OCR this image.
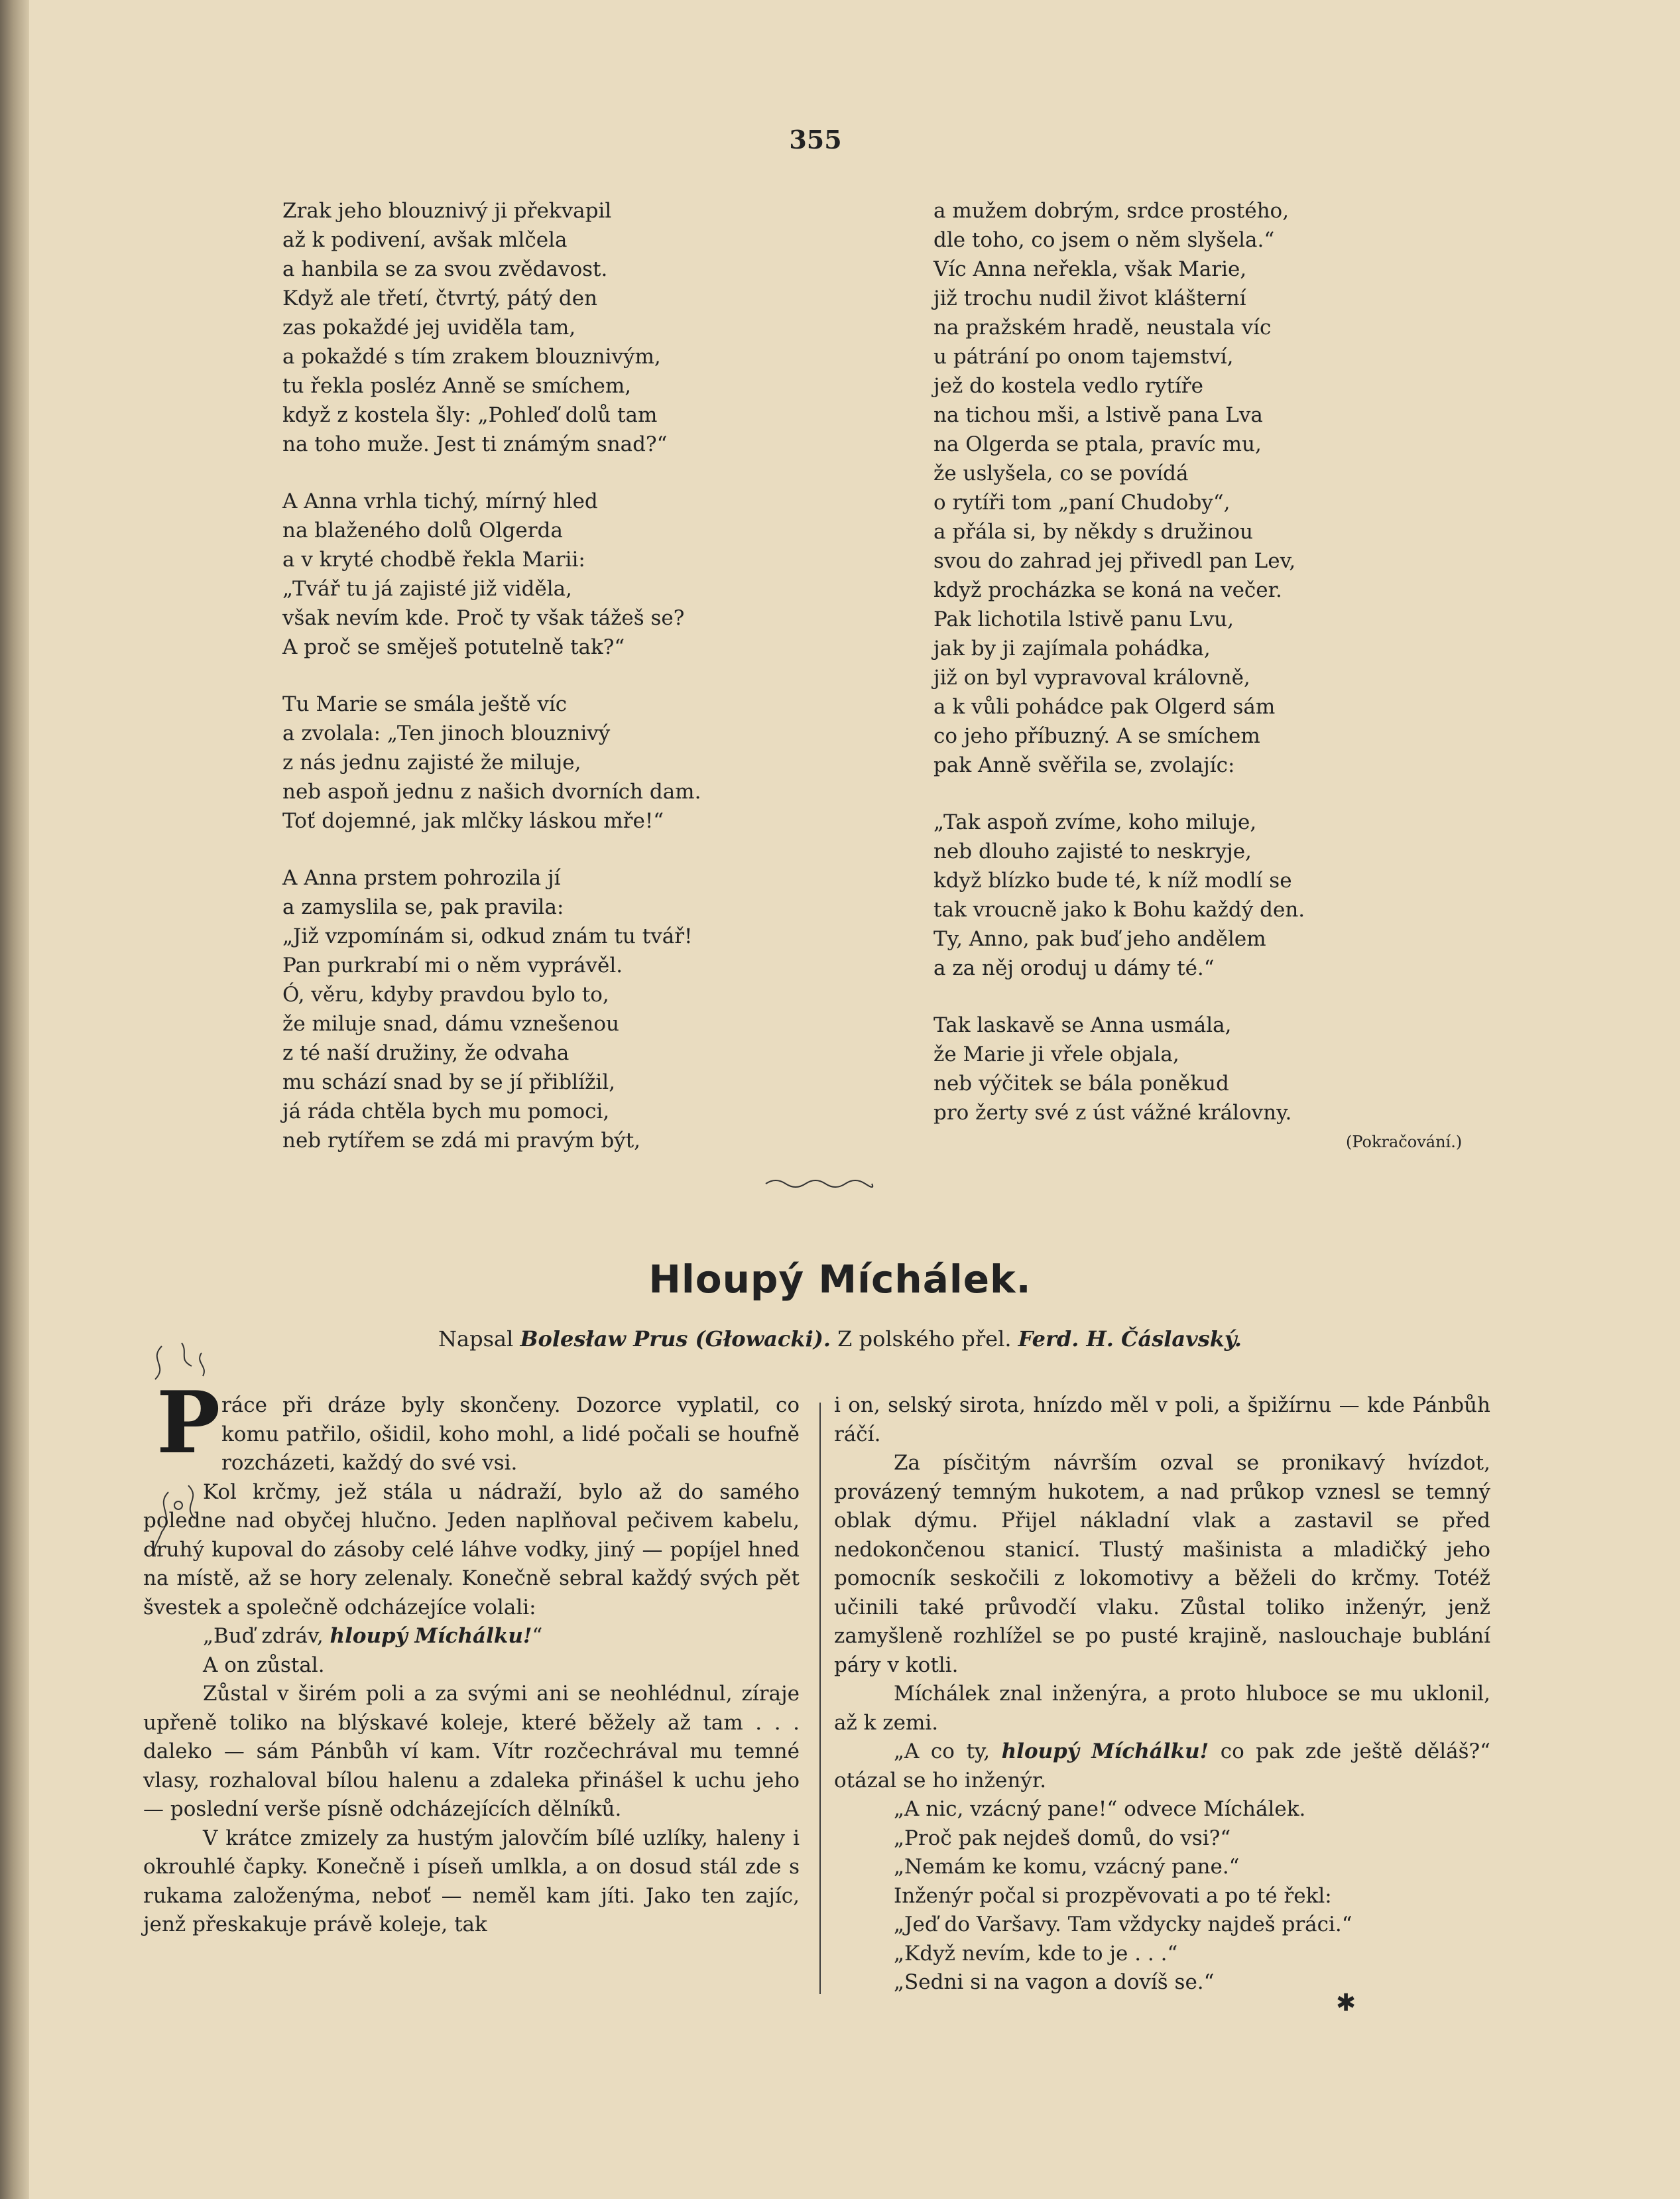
355
Zrak jeho blouznivý ji překvapil
až k podivení, avšak mlčela
a hanbila se za svou zvědavost.
Když ale třetí, čtvrtý, pátý den
zas pokaždé jej uviděla tam,
a pokaždé s tím zrakem blouznivým,
tu řekla posléz Anně se smíchem,
když z kostela šly: „Pohleď dolů tam
na toho muže. Jest ti známým snad?“
A Anna vrhla tichý, mírný hled
na blaženého dolů Olgerda
a v kryté chodbě řekla Marii:
„Tvář tu já zajisté již viděla,
však nevím kde. Proč ty však tážeš se?
A proč se směješ potutelně tak?“
Tu Marie se smála ještě víc
a zvolala: „Ten jinoch blouznivý
z nás jednu zajisté že miluje,
neb aspoň jednu z našich dvorních dam.
Toť dojemné, jak mlčky láskou mře!“
A Anna prstem pohrozila jí
a zamyslila se, pak pravila:
„Již vzpomínám si, odkud znám tu tvář!
Pan purkrabí mi o něm vyprávěl.
Ó, věru, kdyby pravdou bylo to,
že miluje snad, dámu vznešenou
z té naší družiny, že odvaha
mu schází snad by se jí přiblížil,
já ráda chtěla bych mu pomoci,
neb rytířem se zdá mi pravým být,
a mužem dobrým, srdce prostého,
dle toho, co jsem o něm slyšela.“
Víc Anna neřekla, však Marie,
již trochu nudil život klášterní
na pražském hradě, neustala víc
u pátrání po onom tajemství,
jež do kostela vedlo rytíře
na tichou mši, a lstivě pana Lva
na Olgerda se ptala, pravíc mu,
že uslyšela, co se povídá
o rytíři tom „paní Chudoby“,
a přála si, by někdy s družinou
svou do zahrad jej přivedl pan Lev,
když procházka se koná na večer.
Pak lichotila lstivě panu Lvu,
jak by ji zajímala pohádka,
již on byl vypravoval královně,
a k vůli pohádce pak Olgerd sám
co jeho příbuzný. A se smíchem
pak Anně svěřila se, zvolajíc:
„Tak aspoň zvíme, koho miluje,
neb dlouho zajisté to neskryje,
když blízko bude té, k níž modlí se
tak vroucně jako k Bohu každý den.
Ty, Anno, pak buď jeho andělem
a za něj oroduj u dámy té.“
Tak laskavě se Anna usmála,
že Marie ji vřele objala,
neb výčitek se bála poněkud
pro žerty své z úst vážné královny.
(Pokračování.)
Hloupý Míchálek.
Napsal Bolesław Prus (Głowacki). Z polského přel. Ferd. H. Čáslavský.
P ráce při dráze byly skončeny. Dozorce vyplatil, co komu patřilo, ošidil, koho mohl, a lidé počali se houfně rozcházeti, každý do své vsi.

Kol krčmy, jež stála u nádraží, bylo až do samého poledne nad obyčej hlučno. Jeden naplňoval pečivem kabelu, druhý kupoval do zásoby celé láhve vodky, jiný — popíjel hned na místě, až se hory zelenaly. Konečně sebral každý svých pět švestek a společně odcházejíce volali:

„Buď zdráv, hloupý Míchálku!“

A on zůstal.

Zůstal v širém poli a za svými ani se neohlédnul, zíraje upřeně toliko na blýskavé koleje, které běžely až tam . . . daleko — sám Pánbůh ví kam. Vítr rozčechrával mu temné vlasy, rozhaloval bílou halenu a zdaleka přinášel k uchu jeho — poslední verše písně odcházejících dělníků.

V krátce zmizely za hustým jalovčím bílé uzlíky, haleny i okrouhlé čapky. Konečně i píseň umlkla, a on dosud stál zde s rukama založenýma, neboť — neměl kam jíti. Jako ten zajíc, jenž přeskakuje právě koleje, tak

i on, selský sirota, hnízdo měl v poli, a špižírnu — kde Pánbůh ráčí.

Za písčitým návrším ozval se pronikavý hvízdot, provázený temným hukotem, a nad průkop vznesl se temný oblak dýmu. Přijel nákladní vlak a zastavil se před nedokončenou stanicí. Tlustý mašinista a mladičký jeho pomocník seskočili z lokomotivy a běželi do krčmy. Totéž učinili také průvodčí vlaku. Zůstal toliko inženýr, jenž zamyšleně rozhlížel se po pusté krajině, naslouchaje bublání páry v kotli.

Míchálek znal inženýra, a proto hluboce se mu uklonil, až k zemi.

„A co ty, hloupý Míchálku! co pak zde ještě děláš?“ otázal se ho inženýr.

„A nic, vzácný pane!“ odvece Míchálek.

„Proč pak nejdeš domů, do vsi?“

„Nemám ke komu, vzácný pane.“

Inženýr počal si prozpěvovati a po té řekl:

„Jeď do Varšavy. Tam vždycky najdeš práci.“

„Když nevím, kde to je . . .“

„Sedni si na vagon a dovíš se.“

✱
